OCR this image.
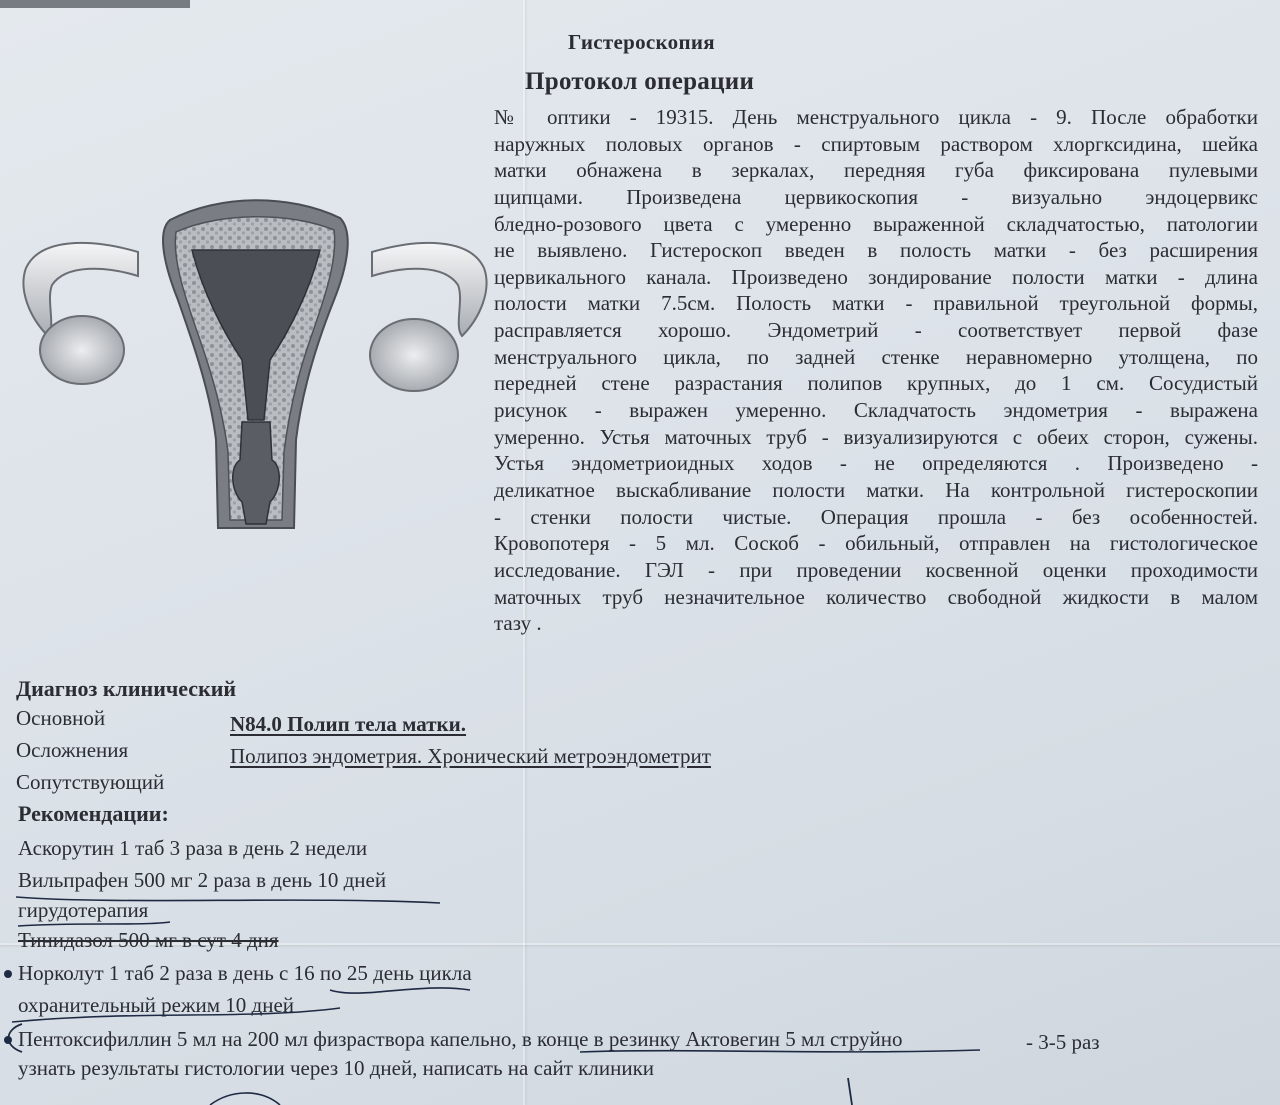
Гистероскопия
Протокол операции
№ оптики - 19315. День менструального цикла - 9. После обработки
наружных половых органов - спиртовым раствором хлоргксидина, шейка
матки обнажена в зеркалах, передняя губа фиксирована пулевыми
щипцами. Произведена цервикоскопия - визуально эндоцервикс
бледно-розового цвета с умеренно выраженной складчатостью, патологии
не выявлено. Гистероскоп введен в полость матки - без расширения
цервикального канала. Произведено зондирование полости матки - длина
полости матки 7.5см. Полость матки - правильной треугольной формы,
расправляется хорошо. Эндометрий - соответствует первой фазе
менструального цикла, по задней стенке неравномерно утолщена, по
передней стене разрастания полипов крупных, до 1 см. Сосудистый
рисунок - выражен умеренно. Складчатость эндометрия - выражена
умеренно. Устья маточных труб - визуализируются с обеих сторон, сужены.
Устья эндометриоидных ходов - не определяются . Произведено -
деликатное выскабливание полости матки. На контрольной гистероскопии
- стенки полости чистые. Операция прошла - без особенностей.
Кровопотеря - 5 мл. Соскоб - обильный, отправлен на гистологическое
исследование. ГЭЛ - при проведении косвенной оценки проходимости
маточных труб незначительное количество свободной жидкости в малом
тазу .
Диагноз клинический
Основной	N84.0 Полип тела матки.
Осложнения	Полипоз эндометрия. Хронический метроэндометрит
Сопутствующий
Рекомендации:
Аскорутин 1 таб 3 раза в день 2 недели
Вильпрафен 500 мг 2 раза в день 10 дней
гирудотерапия
Тинидазол 500 мг в сут 4 дня
Норколут 1 таб 2 раза в день с 16 по 25 день цикла
охранительный режим 10 дней
Пентоксифиллин 5 мл на 200 мл физраствора капельно, в конце в резинку Актовегин 5 мл струйно	- 3-5 раз
узнать результаты гистологии через 10 дней, написать на сайт клиники
